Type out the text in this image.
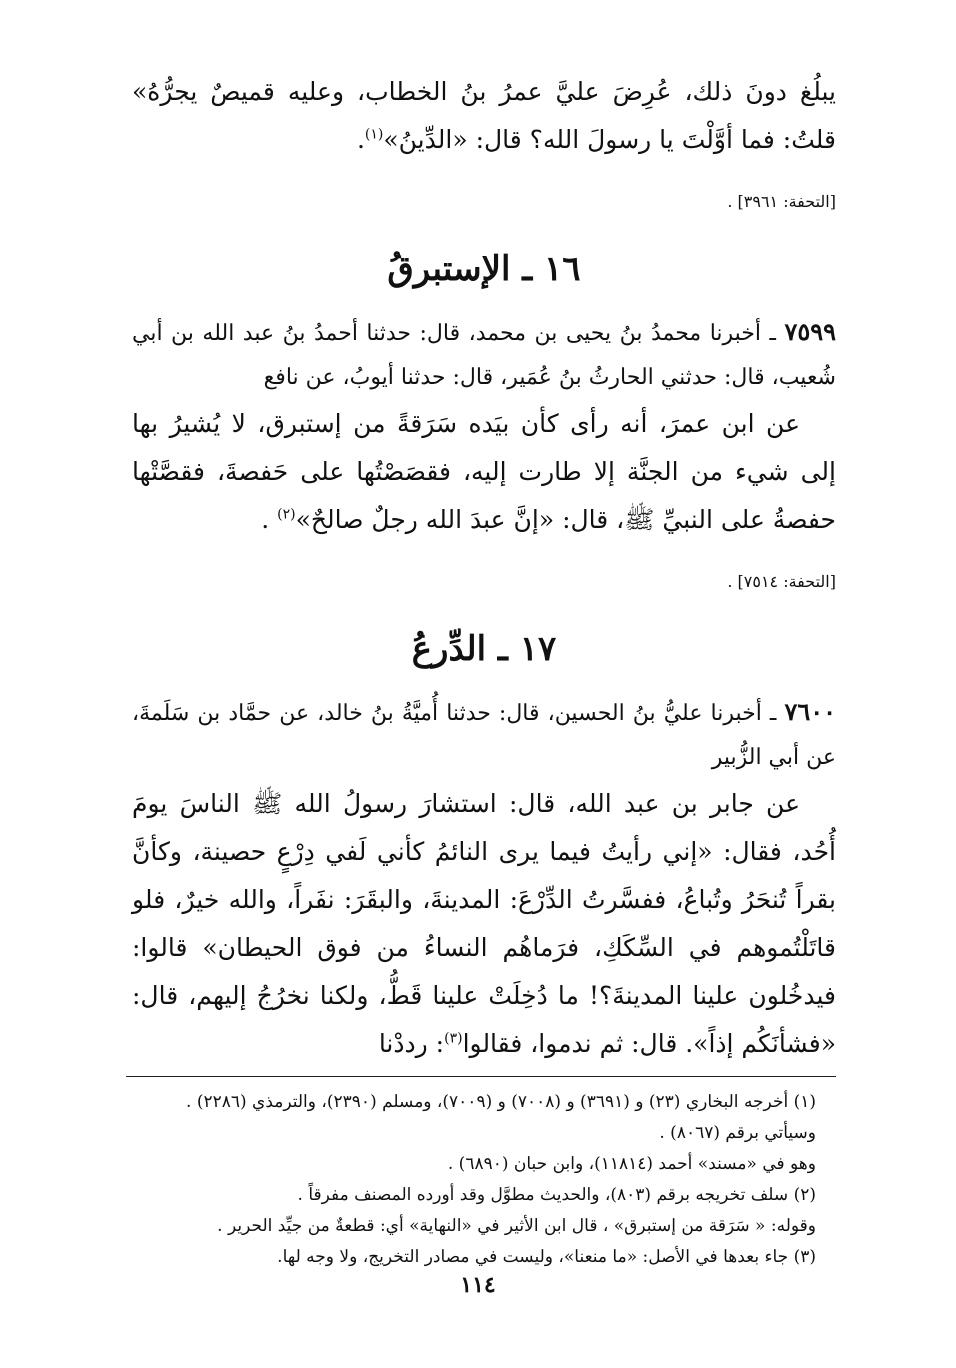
يبلُغ دونَ ذلك، عُرِضَ عليَّ عمرُ بنُ الخطاب، وعليه قميصٌ يجرُّهُ» قلتُ: فما أوَّلْتَ يا رسولَ الله؟ قال: «الدِّينُ»$^{(١)}$.

[التحفة: ٣٩٦١] .

١٦ ـ الإستبرقُ

٧٥٩٩ ـ أخبرنا محمدُ بنُ يحيى بن محمد، قال: حدثنا أحمدُ بنُ عبد الله بن أبي شُعيب، قال: حدثني الحارثُ بنُ عُمَير، قال: حدثنا أيوبُ، عن نافع

عن ابن عمرَ، أنه رأى كأن بيَده سَرَقةً من إستبرق، لا يُشيرُ بها إلى شيء من الجنَّة إلا طارت إليه، فقصَصْتُها على حَفصةَ، فقصَّتْها حفصةُ على النبيِّ ﷺ، قال: «إنَّ عبدَ الله رجلٌ صالحٌ»$^{(٢)}$ .

[التحفة: ٧٥١٤] .

١٧ ـ الدِّرعُ

٧٦٠٠ ـ أخبرنا عليُّ بنُ الحسين، قال: حدثنا أُميَّةُ بنُ خالد، عن حمَّاد بن سَلَمةَ، عن أبي الزُّبير

عن جابر بن عبد الله، قال: استشارَ رسولُ الله ﷺ الناسَ يومَ أُحُد، فقال: «إني رأيتُ فيما يرى النائمُ كأني لَفي دِرْعٍ حصينة، وكأنَّ بقراً تُنحَرُ وتُباعُ، ففسَّرتُ الدِّرْعَ: المدينةَ، والبقَرَ: نفَراً، والله خيرٌ، فلو قاتَلْتُموهم في السِّكَكِ، فرَماهُم النساءُ من فوق الحيطان» قالوا: فيدخُلون علينا المدينةَ؟! ما دُخِلَتْ علينا قَطُّ، ولكنا نخرُجُ إليهم، قال: «فشأنَكُم إذاً». قال: ثم ندموا، فقالوا$^{(٣)}$: رددْنا

(١) أخرجه البخاري (٢٣) و (٣٦٩١) و (٧٠٠٨) و (٧٠٠٩)، ومسلم (٢٣٩٠)، والترمذي (٢٢٨٦) .

وسيأتي برقم (٨٠٦٧) .

وهو في «مسند» أحمد (١١٨١٤)، وابن حبان (٦٨٩٠) .

(٢) سلف تخريجه برقم (٨٠٣)، والحديث مطوَّل وقد أورده المصنف مفرقاً .

وقوله: « سَرَقة من إستبرق» ، قال ابن الأثير في «النهاية» أي: قطعةٌ من جيِّد الحرير .

(٣) جاء بعدها في الأصل: «ما منعنا»، وليست في مصادر التخريج، ولا وجه لها.

١١٤
